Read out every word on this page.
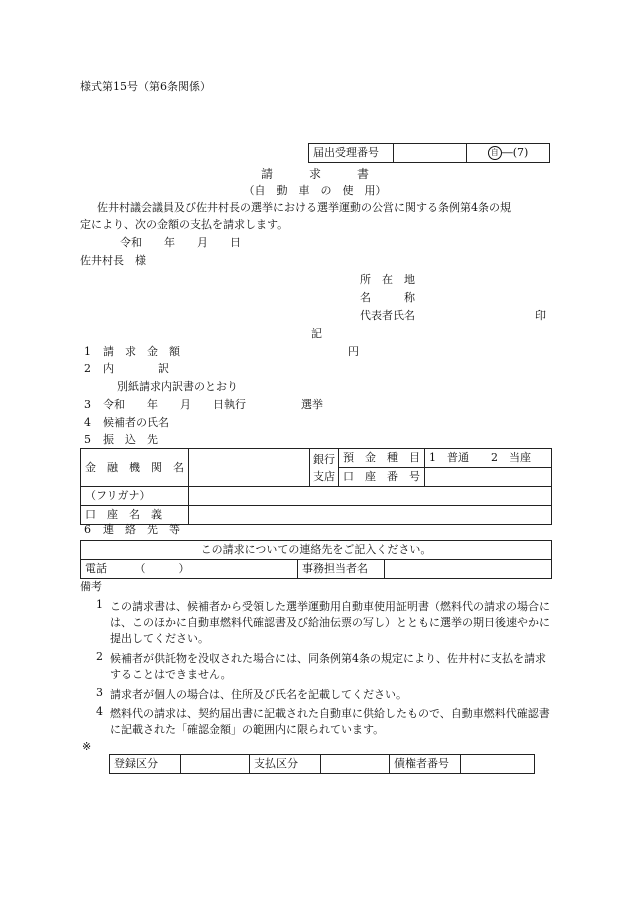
様式第15号（第6条関係）
届出受理番号		自 ―(7)
請　　　求　　　書
（自　動　車　の　使　用）
佐井村議会議員及び佐井村長の選挙における選挙運動の公営に関する条例第4条の規
定により、次の金額の支払を請求します。
令和　　年　　月　　日
佐井村長　様
所　在　地
名　　　称
代表者氏名	印
記
1 請　求　金　額	円
2 内　　　　訳
別紙請求内訳書のとおり
3 令和　　年　　月　　日執行　　　　　選挙
4 候補者の氏名
5 振　込　先
金　融　機　関　名		銀行
支店	預　金　種　目	1　普通　　2　当座
			口　座　番　号	
（フリガナ）				
口　座　名　義				
6 連　絡　先　等
この請求についての連絡先をご記入ください。
電話　　　（　　　）	事務担当者名	
備考
1 この請求書は、候補者から受領した選挙運動用自動車使用証明書（燃料代の請求の場合には、このほかに自動車燃料代確認書及び給油伝票の写し）とともに選挙の期日後速やかに提出してください。
2 候補者が供託物を没収された場合には、同条例第4条の規定により、佐井村に支払を請求することはできません。
3 請求者が個人の場合は、住所及び氏名を記載してください。
4 燃料代の請求は、契約届出書に記載された自動車に供給したもので、自動車燃料代確認書に記載された「確認金額」の範囲内に限られています。
※
登録区分		支払区分		債権者番号	
